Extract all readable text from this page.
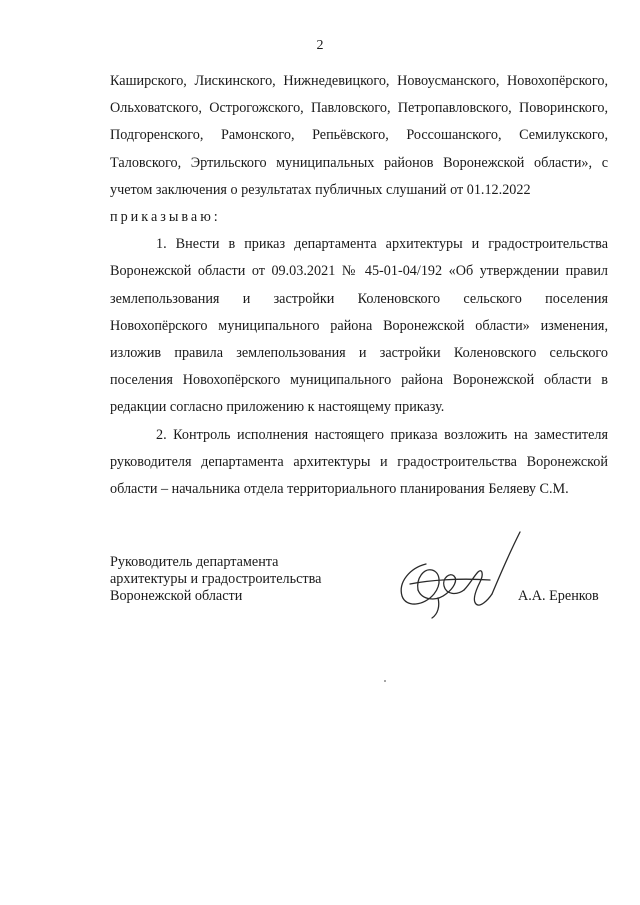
2

Каширского, Лискинского, Нижнедевицкого, Новоусманского, Новохопёрского, Ольховатского, Острогожского, Павловского, Петропавловского, Поворинского, Подгоренского, Рамонского, Репьёвского, Россошанского, Семилукского, Таловского, Эртильского муниципальных районов Воронежской области», с учетом заключения о результатах публичных слушаний от 01.12.2022

приказываю:

1. Внести в приказ департамента архитектуры и градостроительства Воронежской области от 09.03.2021 № 45-01-04/192 «Об утверждении правил землепользования и застройки Коленовского сельского поселения Новохопёрского муниципального района Воронежской области» изменения, изложив правила землепользования и застройки Коленовского сельского поселения Новохопёрского муниципального района Воронежской области в редакции согласно приложению к настоящему приказу.

2. Контроль исполнения настоящего приказа возложить на заместителя руководителя департамента архитектуры и градостроительства Воронежской области – начальника отдела территориального планирования Беляеву С.М.

Руководитель департамента
архитектуры и градостроительства
Воронежской области	А.А. Еренков
